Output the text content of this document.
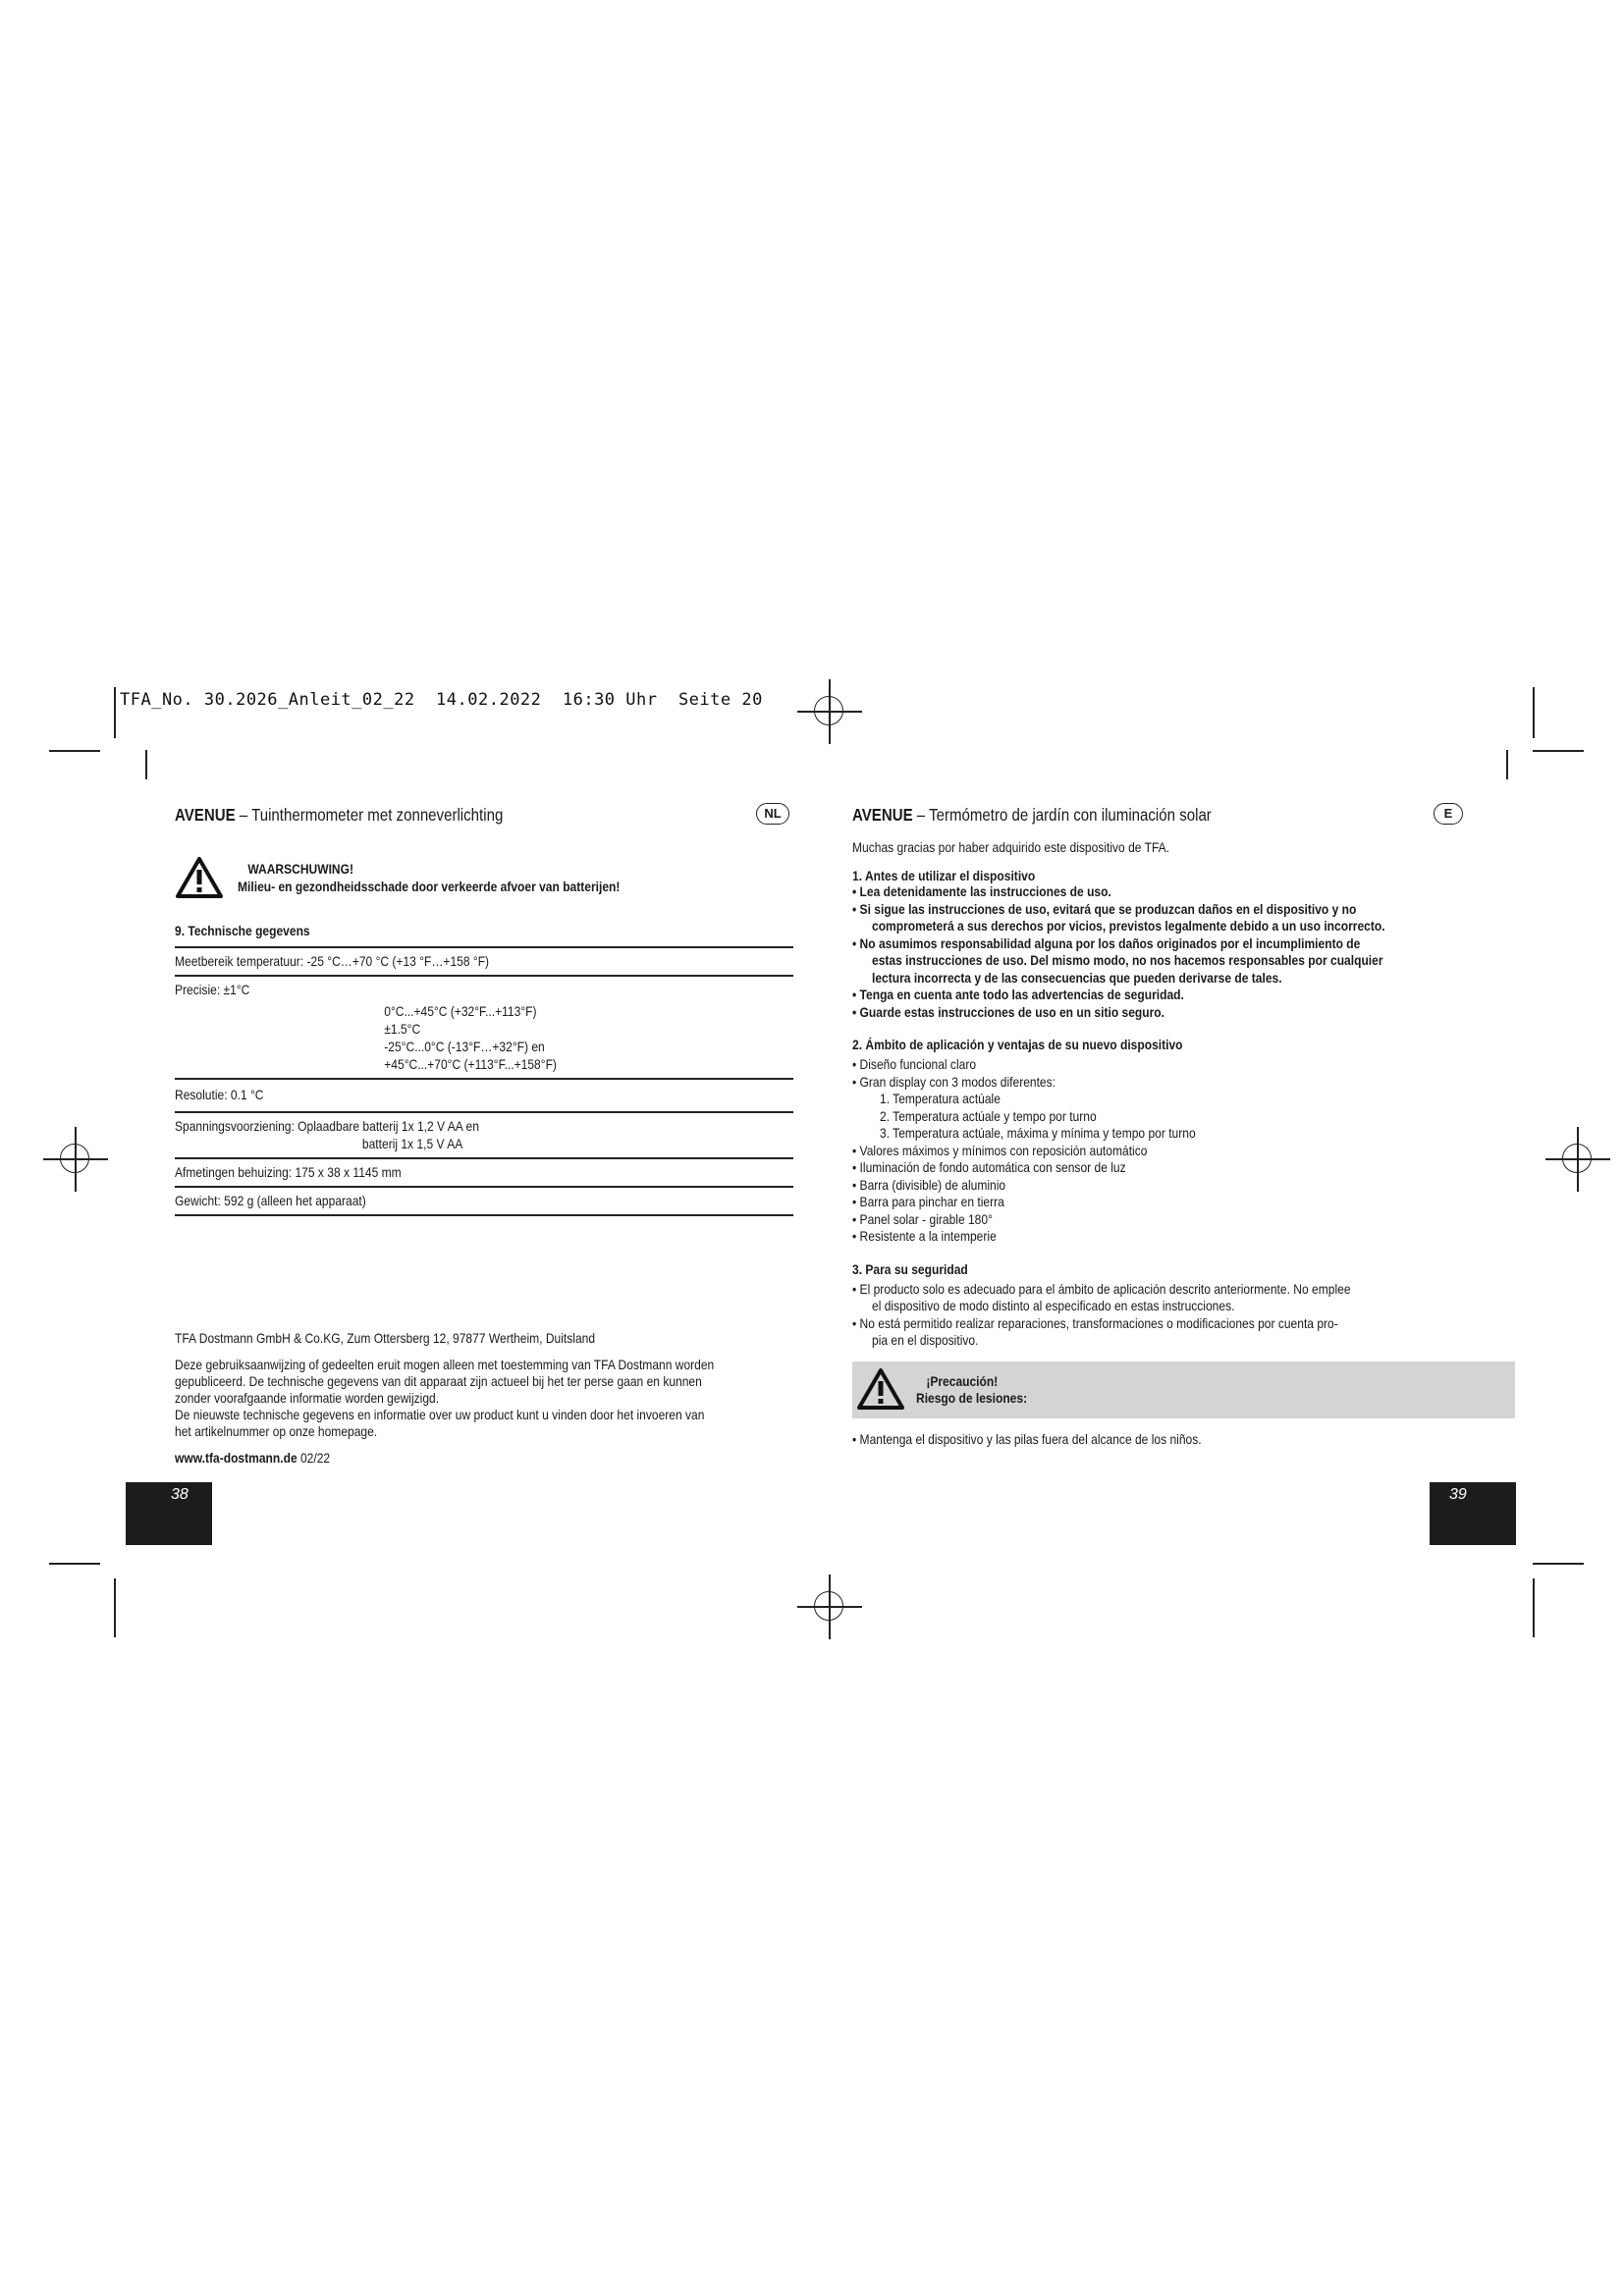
TFA_No. 30.2026_Anleit_02_22  14.02.2022  16:30 Uhr  Seite 20
AVENUE – Tuinthermometer met zonneverlichting	NL
WAARSCHUWING!
Milieu- en gezondheidsschade door verkeerde afvoer van batterijen!
9. Technische gegevens
Meetbereik temperatuur: -25 °C…+70 °C (+13 °F…+158 °F)
Precisie: ±1°C
0°C...+45°C (+32°F...+113°F)
±1.5°C
-25°C...0°C (-13°F…+32°F) en
+45°C...+70°C (+113°F...+158°F)
Resolutie: 0.1 °C
Spanningsvoorziening: Oplaadbare batterij 1x 1,2 V AA en
batterij 1x 1,5 V AA
Afmetingen behuizing: 175 x 38 x 1145 mm
Gewicht: 592 g (alleen het apparaat)
TFA Dostmann GmbH & Co.KG, Zum Ottersberg 12, 97877 Wertheim, Duitsland
Deze gebruiksaanwijzing of gedeelten eruit mogen alleen met toestemming van TFA Dostmann worden
gepubliceerd. De technische gegevens van dit apparaat zijn actueel bij het ter perse gaan en kunnen
zonder voorafgaande informatie worden gewijzigd.
De nieuwste technische gegevens en informatie over uw product kunt u vinden door het invoeren van
het artikelnummer op onze homepage.
www.tfa-dostmann.de 02/22
38
AVENUE – Termómetro de jardín con iluminación solar	E
Muchas gracias por haber adquirido este dispositivo de TFA.
1. Antes de utilizar el dispositivo
• Lea detenidamente las instrucciones de uso.
• Si sigue las instrucciones de uso, evitará que se produzcan daños en el dispositivo y no
comprometerá a sus derechos por vicios, previstos legalmente debido a un uso incorrecto.
• No asumimos responsabilidad alguna por los daños originados por el incumplimiento de
estas instrucciones de uso. Del mismo modo, no nos hacemos responsables por cualquier
lectura incorrecta y de las consecuencias que pueden derivarse de tales.
• Tenga en cuenta ante todo las advertencias de seguridad.
• Guarde estas instrucciones de uso en un sitio seguro.
2. Ámbito de aplicación y ventajas de su nuevo dispositivo
• Diseño funcional claro
• Gran display con 3 modos diferentes:
1. Temperatura actúale
2. Temperatura actúale y tempo por turno
3. Temperatura actúale, máxima y mínima y tempo por turno
• Valores máximos y mínimos con reposición automático
• Iluminación de fondo automática con sensor de luz
• Barra (divisible) de aluminio
• Barra para pinchar en tierra
• Panel solar - girable 180°
• Resistente a la intemperie
3. Para su seguridad
• El producto solo es adecuado para el ámbito de aplicación descrito anteriormente. No emplee
el dispositivo de modo distinto al especificado en estas instrucciones.
• No está permitido realizar reparaciones, transformaciones o modificaciones por cuenta pro-
pia en el dispositivo.
¡Precaución!
Riesgo de lesiones:
• Mantenga el dispositivo y las pilas fuera del alcance de los niños.
39
